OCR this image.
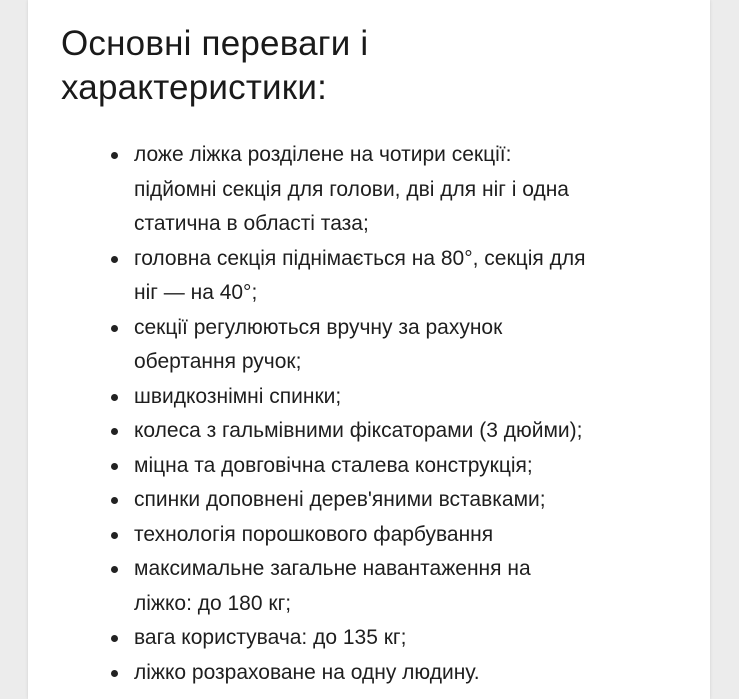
Основні переваги і
характеристики:
ложе ліжка розділене на чотири секції:
підйомні секція для голови, дві для ніг і одна
статична в області таза;
головна секція піднімається на 80°, секція для
ніг — на 40°;
секції регулюються вручну за рахунок
обертання ручок;
швидкознімні спинки;
колеса з гальмівними фіксаторами (3 дюйми);
міцна та довговічна сталева конструкція;
спинки доповнені дерев'яними вставками;
технологія порошкового фарбування
максимальне загальне навантаження на
ліжко: до 180 кг;
вага користувача: до 135 кг;
ліжко розраховане на одну людину.
